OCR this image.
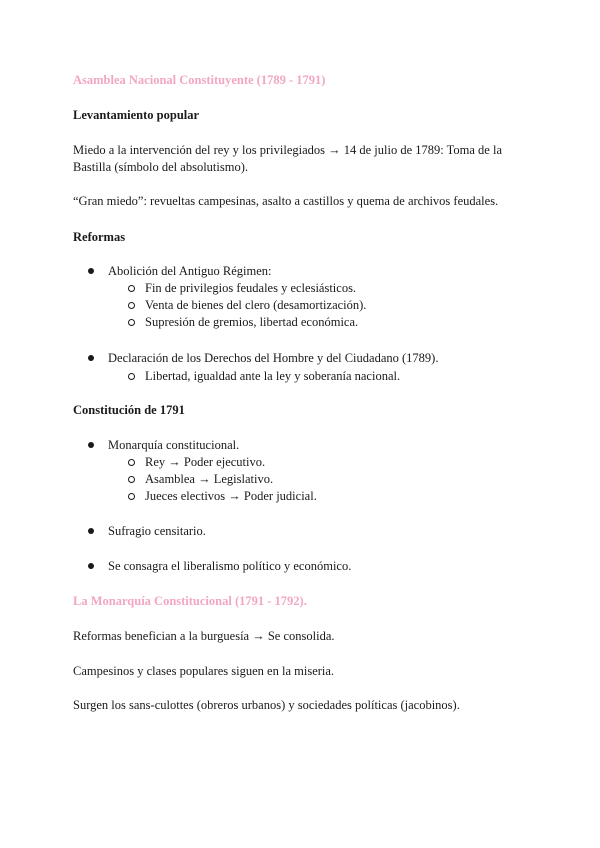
Asamblea Nacional Constituyente (1789 - 1791)
Levantamiento popular
Miedo a la intervención del rey y los privilegiados → 14 de julio de 1789: Toma de la
Bastilla (símbolo del absolutismo).
“Gran miedo”: revueltas campesinas, asalto a castillos y quema de archivos feudales.
Reformas
Abolición del Antiguo Régimen:
Fin de privilegios feudales y eclesiásticos.
Venta de bienes del clero (desamortización).
Supresión de gremios, libertad económica.
Declaración de los Derechos del Hombre y del Ciudadano (1789).
Libertad, igualdad ante la ley y soberanía nacional.
Constitución de 1791
Monarquía constitucional.
Rey → Poder ejecutivo.
Asamblea → Legislativo.
Jueces electivos → Poder judicial.
Sufragio censitario.
Se consagra el liberalismo político y económico.
La Monarquía Constitucional (1791 - 1792).
Reformas benefician a la burguesía → Se consolida.
Campesinos y clases populares siguen en la miseria.
Surgen los sans-culottes (obreros urbanos) y sociedades políticas (jacobinos).
